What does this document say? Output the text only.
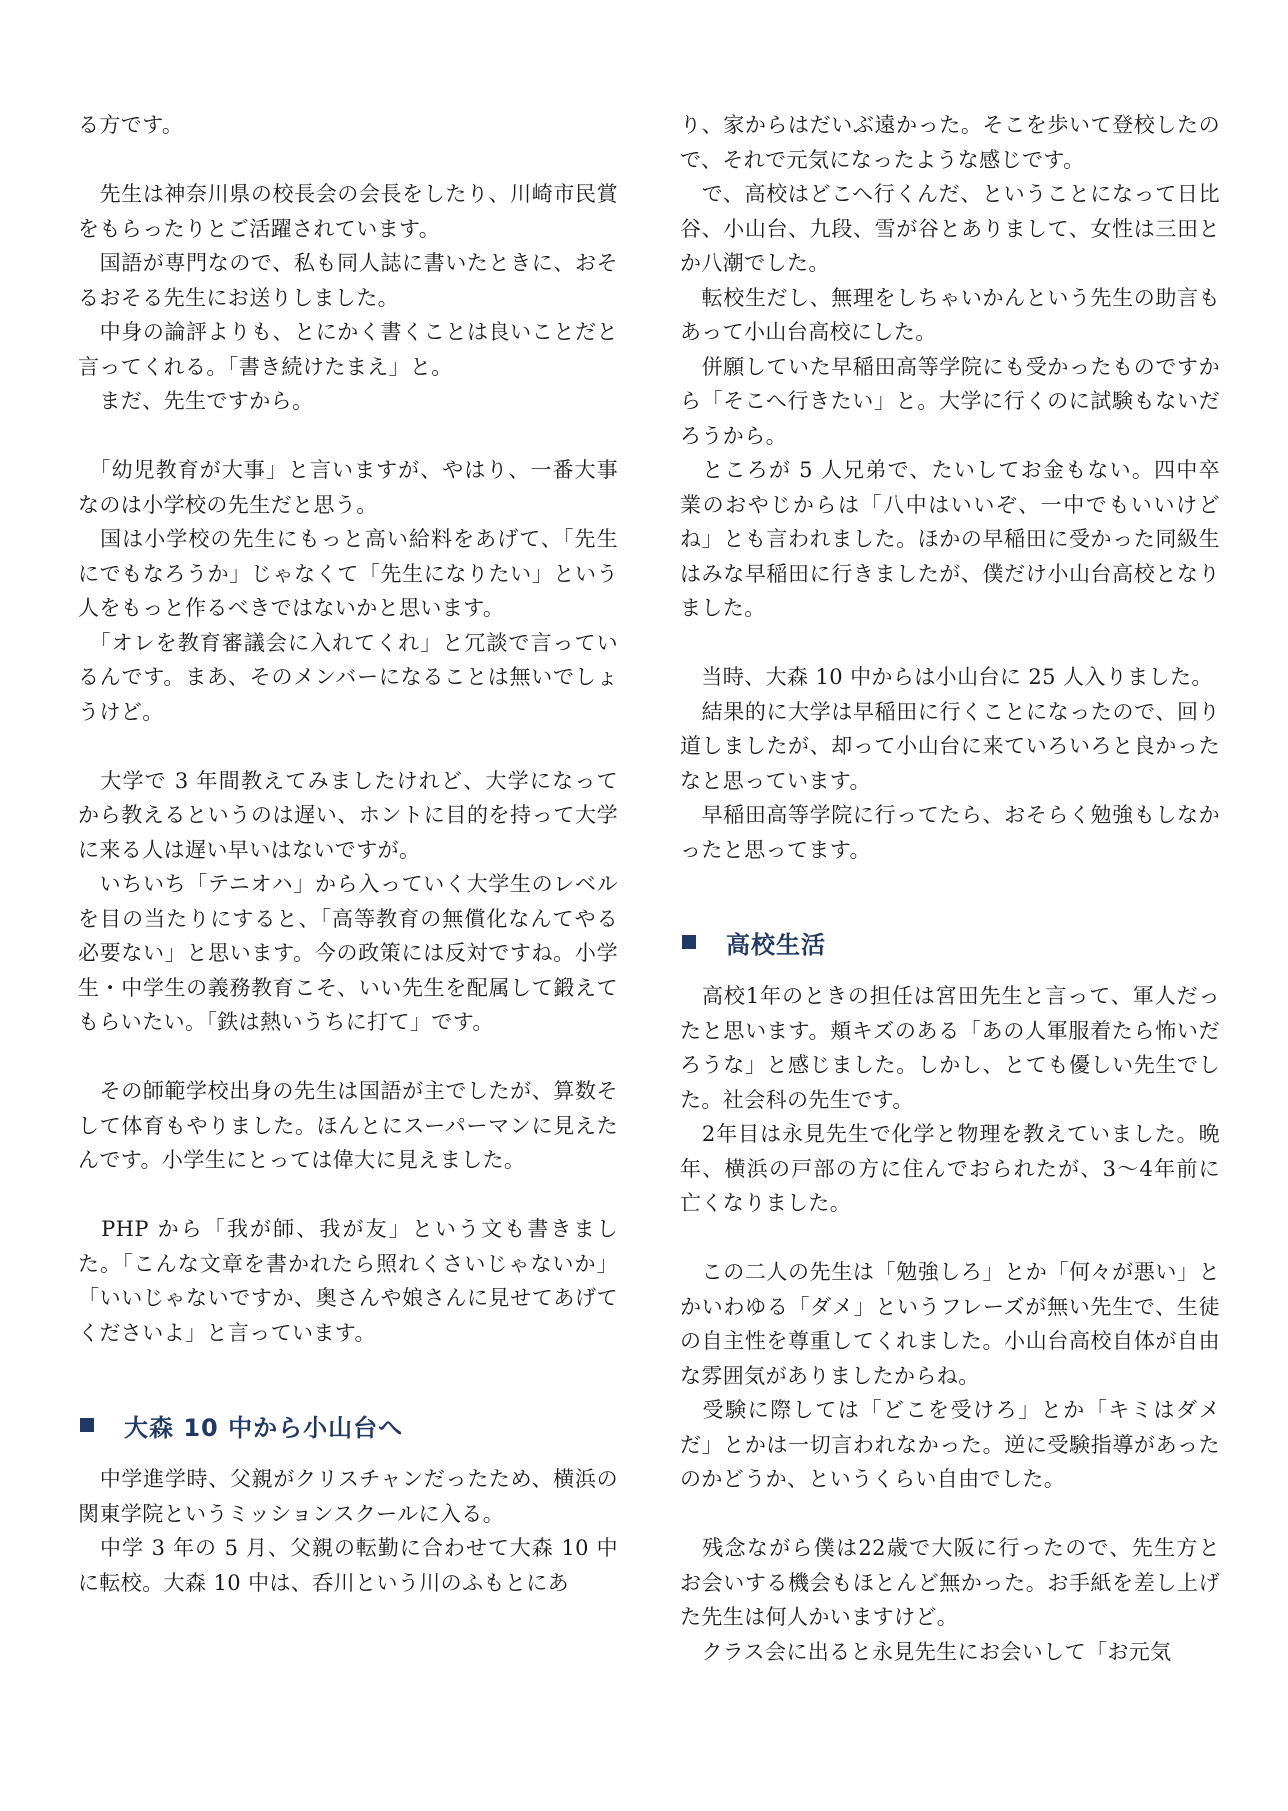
る方です。

　先生は神奈川県の校長会の会長をしたり、川崎市民賞をもらったりとご活躍されています。

　国語が専門なので、私も同人誌に書いたときに、おそるおそる先生にお送りしました。

　中身の論評よりも、とにかく書くことは良いことだと言ってくれる。「書き続けたまえ」と。

　まだ、先生ですから。

　「幼児教育が大事」と言いますが、やはり、一番大事なのは小学校の先生だと思う。

　国は小学校の先生にもっと高い給料をあげて、「先生にでもなろうか」じゃなくて「先生になりたい」という人をもっと作るべきではないかと思います。

　「オレを教育審議会に入れてくれ」と冗談で言っているんです。まあ、そのメンバーになることは無いでしょうけど。

　大学で 3 年間教えてみましたけれど、大学になってから教えるというのは遅い、ホントに目的を持って大学に来る人は遅い早いはないですが。

　いちいち「テニオハ」から入っていく大学生のレベルを目の当たりにすると、「高等教育の無償化なんてやる必要ない」と思います。今の政策には反対ですね。小学生・中学生の義務教育こそ、いい先生を配属して鍛えてもらいたい。「鉄は熱いうちに打て」です。

　その師範学校出身の先生は国語が主でしたが、算数そして体育もやりました。ほんとにスーパーマンに見えたんです。小学生にとっては偉大に見えました。

　PHP から「我が師、我が友」という文も書きました。「こんな文章を書かれたら照れくさいじゃないか」「いいじゃないですか、奥さんや娘さんに見せてあげてくださいよ」と言っています。

大森 10 中から小山台へ

　中学進学時、父親がクリスチャンだったため、横浜の関東学院というミッションスクールに入る。

　中学 3 年の 5 月、父親の転勤に合わせて大森 10 中に転校。大森 10 中は、呑川という川のふもとにあ

り、家からはだいぶ遠かった。そこを歩いて登校したので、それで元気になったような感じです。

　で、高校はどこへ行くんだ、ということになって日比谷、小山台、九段、雪が谷とありまして、女性は三田とか八潮でした。

　転校生だし、無理をしちゃいかんという先生の助言もあって小山台高校にした。

　併願していた早稲田高等学院にも受かったものですから「そこへ行きたい」と。大学に行くのに試験もないだろうから。

　ところが 5 人兄弟で、たいしてお金もない。四中卒業のおやじからは「八中はいいぞ、一中でもいいけどね」とも言われました。ほかの早稲田に受かった同級生はみな早稲田に行きましたが、僕だけ小山台高校となりました。

　当時、大森 10 中からは小山台に 25 人入りました。

　結果的に大学は早稲田に行くことになったので、回り道しましたが、却って小山台に来ていろいろと良かったなと思っています。

　早稲田高等学院に行ってたら、おそらく勉強もしなかったと思ってます。

高校生活

　高校1年のときの担任は宮田先生と言って、軍人だったと思います。頬キズのある「あの人軍服着たら怖いだろうな」と感じました。しかし、とても優しい先生でした。社会科の先生です。

　2年目は永見先生で化学と物理を教えていました。晩年、横浜の戸部の方に住んでおられたが、3〜4年前に亡くなりました。

　この二人の先生は「勉強しろ」とか「何々が悪い」とかいわゆる「ダメ」というフレーズが無い先生で、生徒の自主性を尊重してくれました。小山台高校自体が自由な雰囲気がありましたからね。

　受験に際しては「どこを受けろ」とか「キミはダメだ」とかは一切言われなかった。逆に受験指導があったのかどうか、というくらい自由でした。

　残念ながら僕は22歳で大阪に行ったので、先生方とお会いする機会もほとんど無かった。お手紙を差し上げた先生は何人かいますけど。

　クラス会に出ると永見先生にお会いして「お元気
